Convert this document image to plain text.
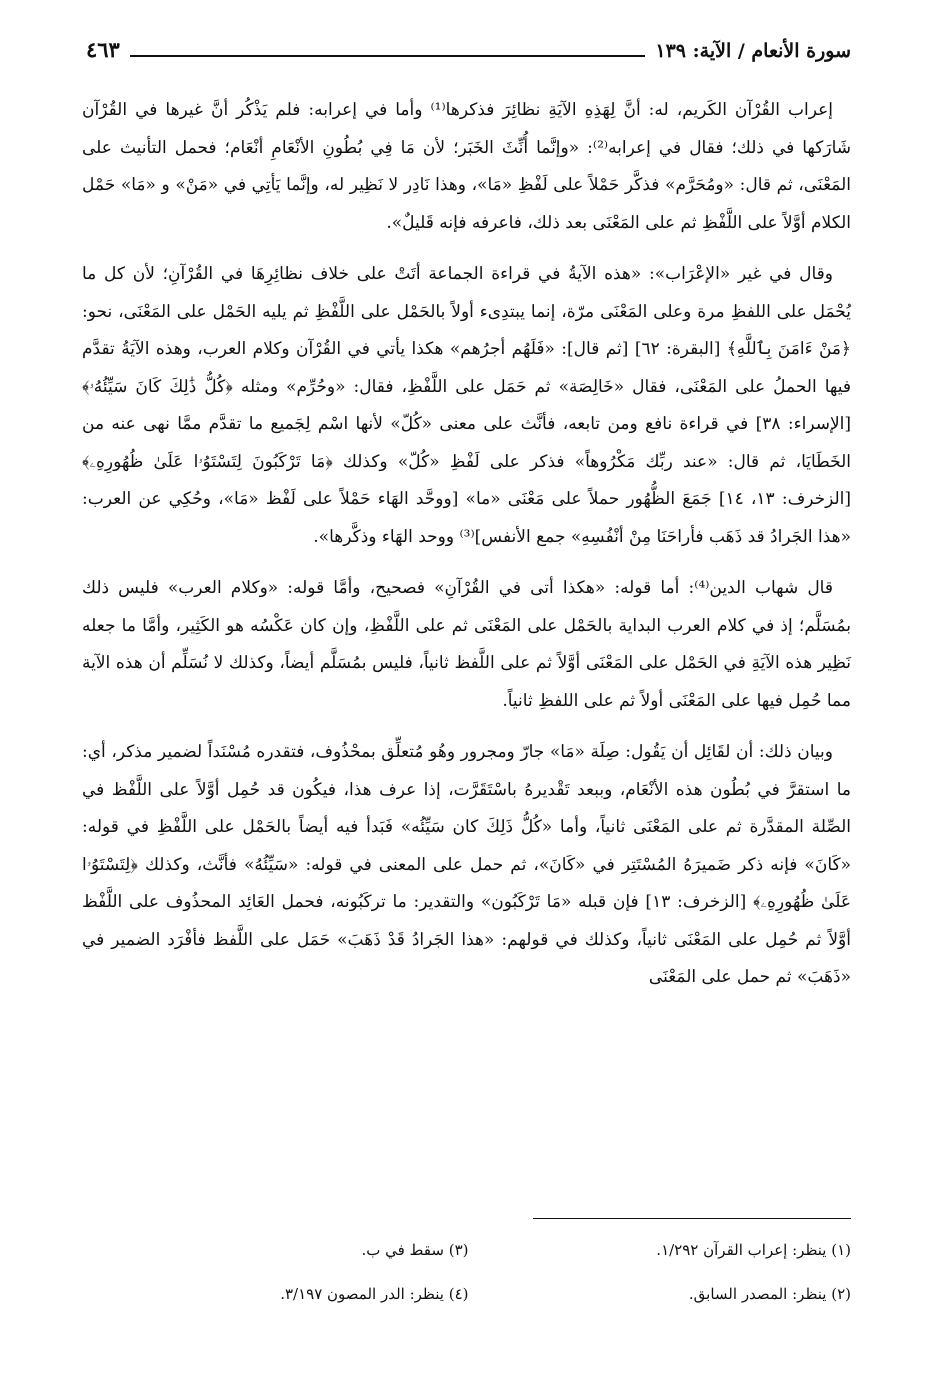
سورة الأنعام / الآية: ١٣٩
٤٦٣

إعراب القُرْآن الكَريم، له: أنَّ لِهَذِهِ الآيَةِ نظائِرَ فذكرها⁽¹⁾ وأما في إعرابه: فلم يَذْكُر أنَّ غيرها في القُرْآن شَارَكها في ذلك؛ فقال في إعرابه⁽²⁾: «وإنَّما أُنِّثَ الخَبَر؛ لأن مَا فِي بُطُونِ الأنْعَامِ أنْعَام؛ فحمل التأنيث على المَعْنَى، ثم قال: «ومُحَرَّم» فذكَّر حَمْلاً على لَفْظِ «مَا»، وهذا نَادِر لا نَظِير له، وإنَّما يَأتِي في «مَنْ» و «مَا» حَمْل الكلام أوَّلاً على اللَّفْظِ ثم على المَعْنَى بعد ذلك، فاعرفه فإنه قَليلٌ».

وقال في غير «الإعْرَاب»: «هذه الآيةُ في قراءة الجماعة أتَتْ على خلاف نظائِرِهَا في القُرْآنِ؛ لأن كل ما يُحْمَل على اللفظِ مرة وعلى المَعْنَى مرّة، إنما يبتدِىء أولاً بالحَمْل على اللَّفْظِ ثم يليه الحَمْل على المَعْنَى، نحو: ﴿مَنْ ءَامَنَ بِٱللَّهِ﴾ [البقرة: ٦٢] [ثم قال]: «فَلَهُم أجرُهم» هكذا يأتي في القُرْآن وكلام العرب، وهذه الآيَةُ تقدَّم فيها الحملُ على المَعْنَى، فقال «خَالِصَة» ثم حَمَل على اللَّفْظِ، فقال: «وحُرِّم» ومثله ﴿كُلُّ ذَٰلِكَ كَانَ سَيِّئُهُۥ﴾ [الإسراء: ٣٨] في قراءة نافع ومن تابعه، فأنَّث على معنى «كُلّ» لأنها اسْم لِجَميع ما تقدَّم ممَّا نهى عنه من الخَطَايَا، ثم قال: «عند ربِّك مَكْرُوهاً» فذكر على لَفْظِ «كُلّ» وكذلك ﴿مَا تَرْكَبُونَ لِتَسْتَوُۥا عَلَىٰ ظُهُورِهِۦ﴾ [الزخرف: ١٣، ١٤] جَمَعَ الظُّهُور حملاً على مَعْنَى «ما» [ووحَّد الهَاء حَمْلاً على لَفْظ «مَا»، وحُكِي عن العرب: «هذا الجَرادُ قد ذَهَب فأراحَنَا مِنْ أنْفُسِهِ» جمع الأنفس]⁽³⁾ ووحد الهَاء وذكَّرها».

قال شهاب الدين⁽⁴⁾: أما قوله: «هكذا أتى في القُرْآنِ» فصحيح، وأمَّا قوله: «وكلام العرب» فليس ذلك بمُسَلَّم؛ إذ في كلام العرب البداية بالحَمْل على المَعْنَى ثم على اللَّفْظِ، وإن كان عَكْسُه هو الكَثِير، وأمَّا ما جعله نَظِير هذه الآيَةِ في الحَمْل على المَعْنَى أوَّلاً ثم على اللَّفظ ثانياً، فليس بمُسَلَّم أيضاً، وكذلك لا نُسَلِّم أن هذه الآية مما حُمِل فيها على المَعْنَى أولاً ثم على اللفظِ ثانياً.

وبيان ذلك: أن لقَائِل أن يَقُول: صِلَة «مَا» جارّ ومجرور وهُو مُتعلِّق بمحْذُوف، فتقدره مُسْنَداً لضمير مذكر، أي: ما استقرَّ في بُطُون هذه الأنْعَام، وببعد تَقْديرهُ باسْتَقَرَّت، إذا عرف هذا، فيكُون قد حُمِل أوَّلاً على اللَّفْظ في الصِّلة المقدَّرة ثم على المَعْنَى ثانياً، وأما «كُلُّ ذَلِكَ كان سَيِّئُه» فَبَدأ فيه أيضاً بالحَمْل على اللَّفْظِ في قوله: «كَانَ» فإنه ذكر ضَميرَهُ المُسْتَتِر في «كَانَ»، ثم حمل على المعنى في قوله: «سَيِّئُهُ» فأنَّث، وكذلك ﴿لِتَسْتَوُۥا عَلَىٰ ظُهُورِهِۦ﴾ [الزخرف: ١٣] فإن قبله «مَا تَرْكَبُون» والتقدير: ما تركَبُونه، فحمل العَائِد المحذُوف على اللَّفْظ أوَّلاً ثم حُمِل على المَعْنَى ثانياً، وكذلك في قولهم: «هذا الجَرادُ قَدْ ذَهَبَ» حَمَل على اللَّفظ فأفْرَد الضمير في «ذَهَبَ» ثم حمل على المَعْنَى

(١) ينظر: إعراب القرآن ١/٢٩٢.
(٣) سقط في ب.
(٢) ينظر: المصدر السابق.
(٤) ينظر: الدر المصون ٣/١٩٧.
